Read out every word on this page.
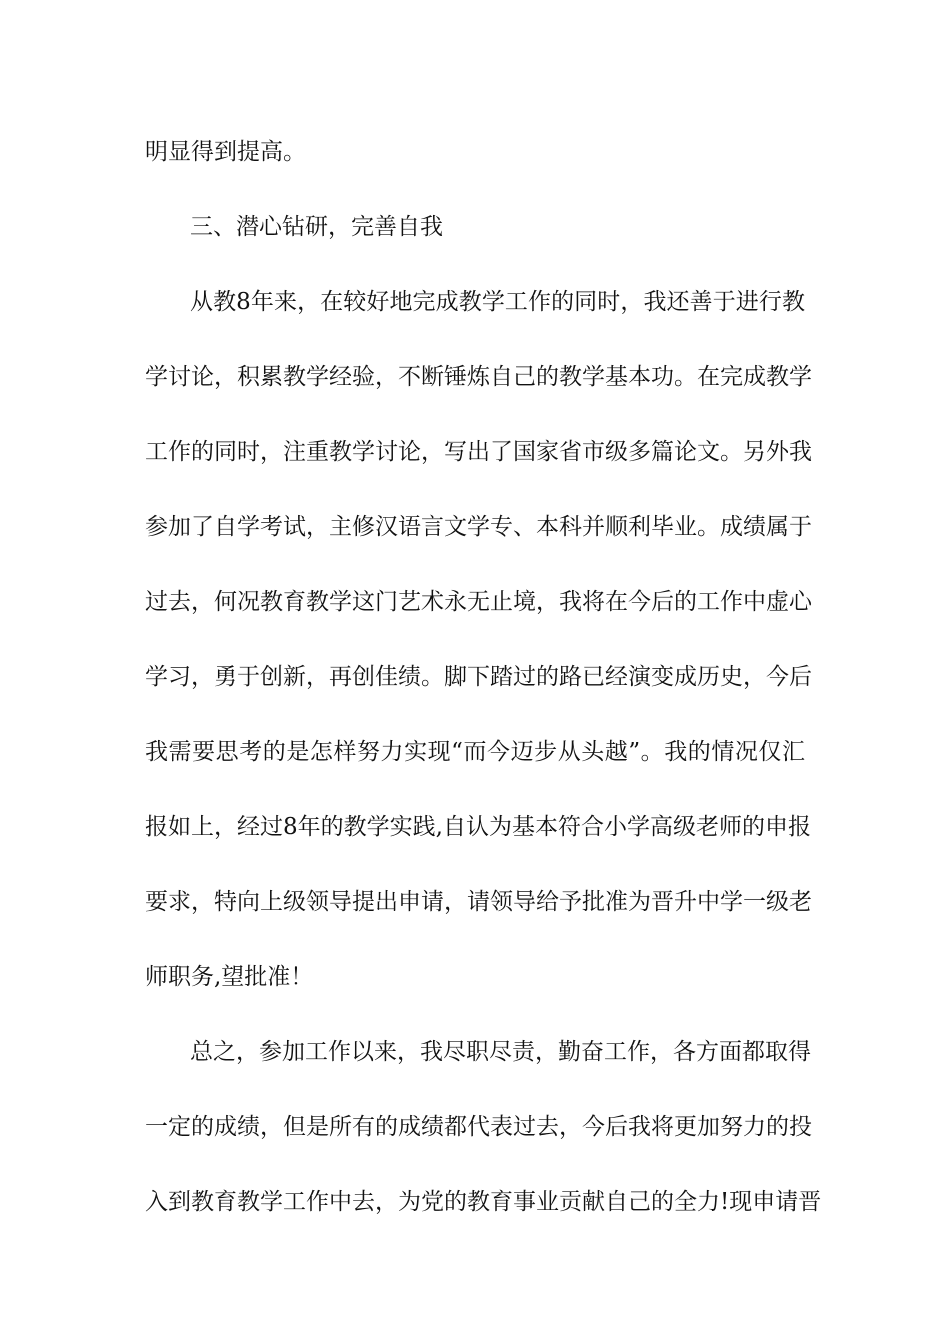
明显得到提高。
三、潜心钻研，完善自我
从教8年来，在较好地完成教学工作的同时，我还善于进行教
学讨论，积累教学经验，不断锤炼自己的教学基本功。在完成教学
工作的同时，注重教学讨论，写出了国家省市级多篇论文。另外我
参加了自学考试，主修汉语言文学专、本科并顺利毕业。成绩属于
过去，何况教育教学这门艺术永无止境，我将在今后的工作中虚心
学习，勇于创新，再创佳绩。脚下踏过的路已经演变成历史，今后
我需要思考的是怎样努力实现“而今迈步从头越”。我的情况仅汇
报如上，经过8年的教学实践,自认为基本符合小学高级老师的申报
要求，特向上级领导提出申请，请领导给予批准为晋升中学一级老
师职务,望批准！
总之，参加工作以来，我尽职尽责，勤奋工作，各方面都取得
一定的成绩，但是所有的成绩都代表过去，今后我将更加努力的投
入到教育教学工作中去，为党的教育事业贡献自己的全力!现申请晋
